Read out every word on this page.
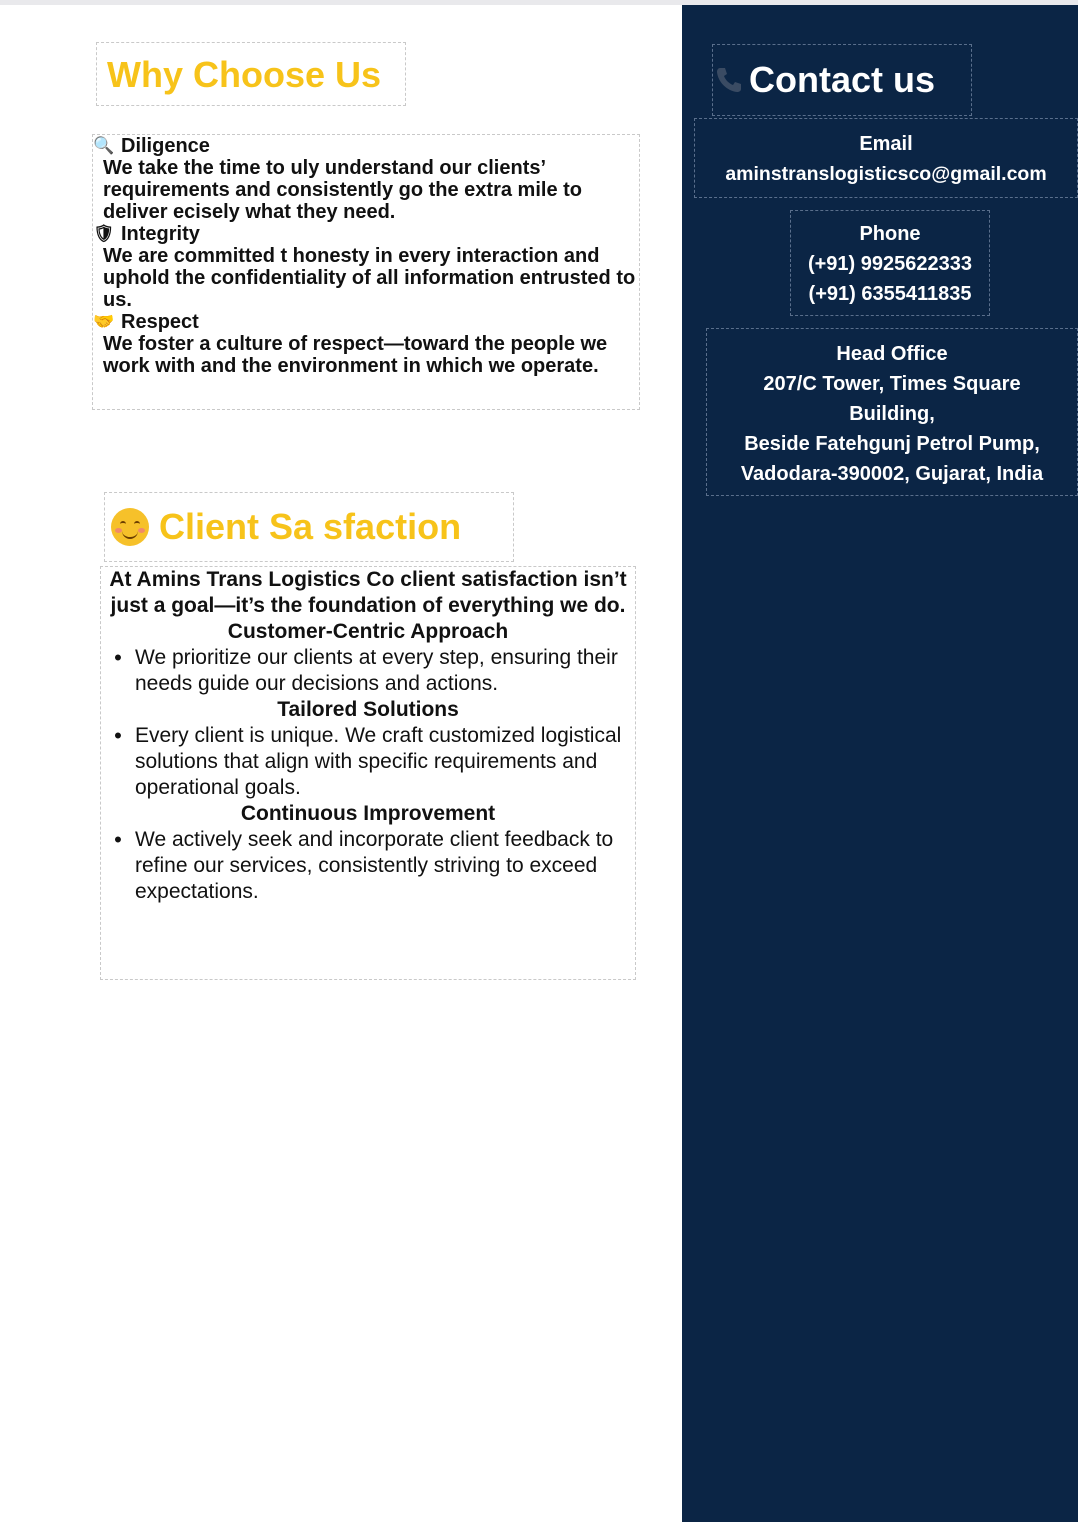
Why Choose Us
🔍 Diligence
We take the time to uly understand our clients’ requirements and consistently go the extra mile to deliver ecisely what they need.
🛡 Integrity
We are committed t honesty in every interaction and uphold the confidentiality of all information entrusted to us.
🤝 Respect
We foster a culture of respect—toward the people we work with and the environment in which we operate.
Client Sa sfaction
At Amins Trans Logistics Co client satisfaction isn’t just a goal—it’s the foundation of everything we do.
Customer-Centric Approach
• We prioritize our clients at every step, ensuring their needs guide our decisions and actions.
Tailored Solutions
• Every client is unique. We craft customized logistical solutions that align with specific requirements and operational goals.
Continuous Improvement
• We actively seek and incorporate client feedback to refine our services, consistently striving to exceed expectations.
Contact us
Email
aminstranslogisticsco@gmail.com
Phone
(+91) 9925622333
(+91) 6355411835
Head Office
207/C Tower, Times Square
Building,
Beside Fatehgunj Petrol Pump,
Vadodara-390002, Gujarat, India
